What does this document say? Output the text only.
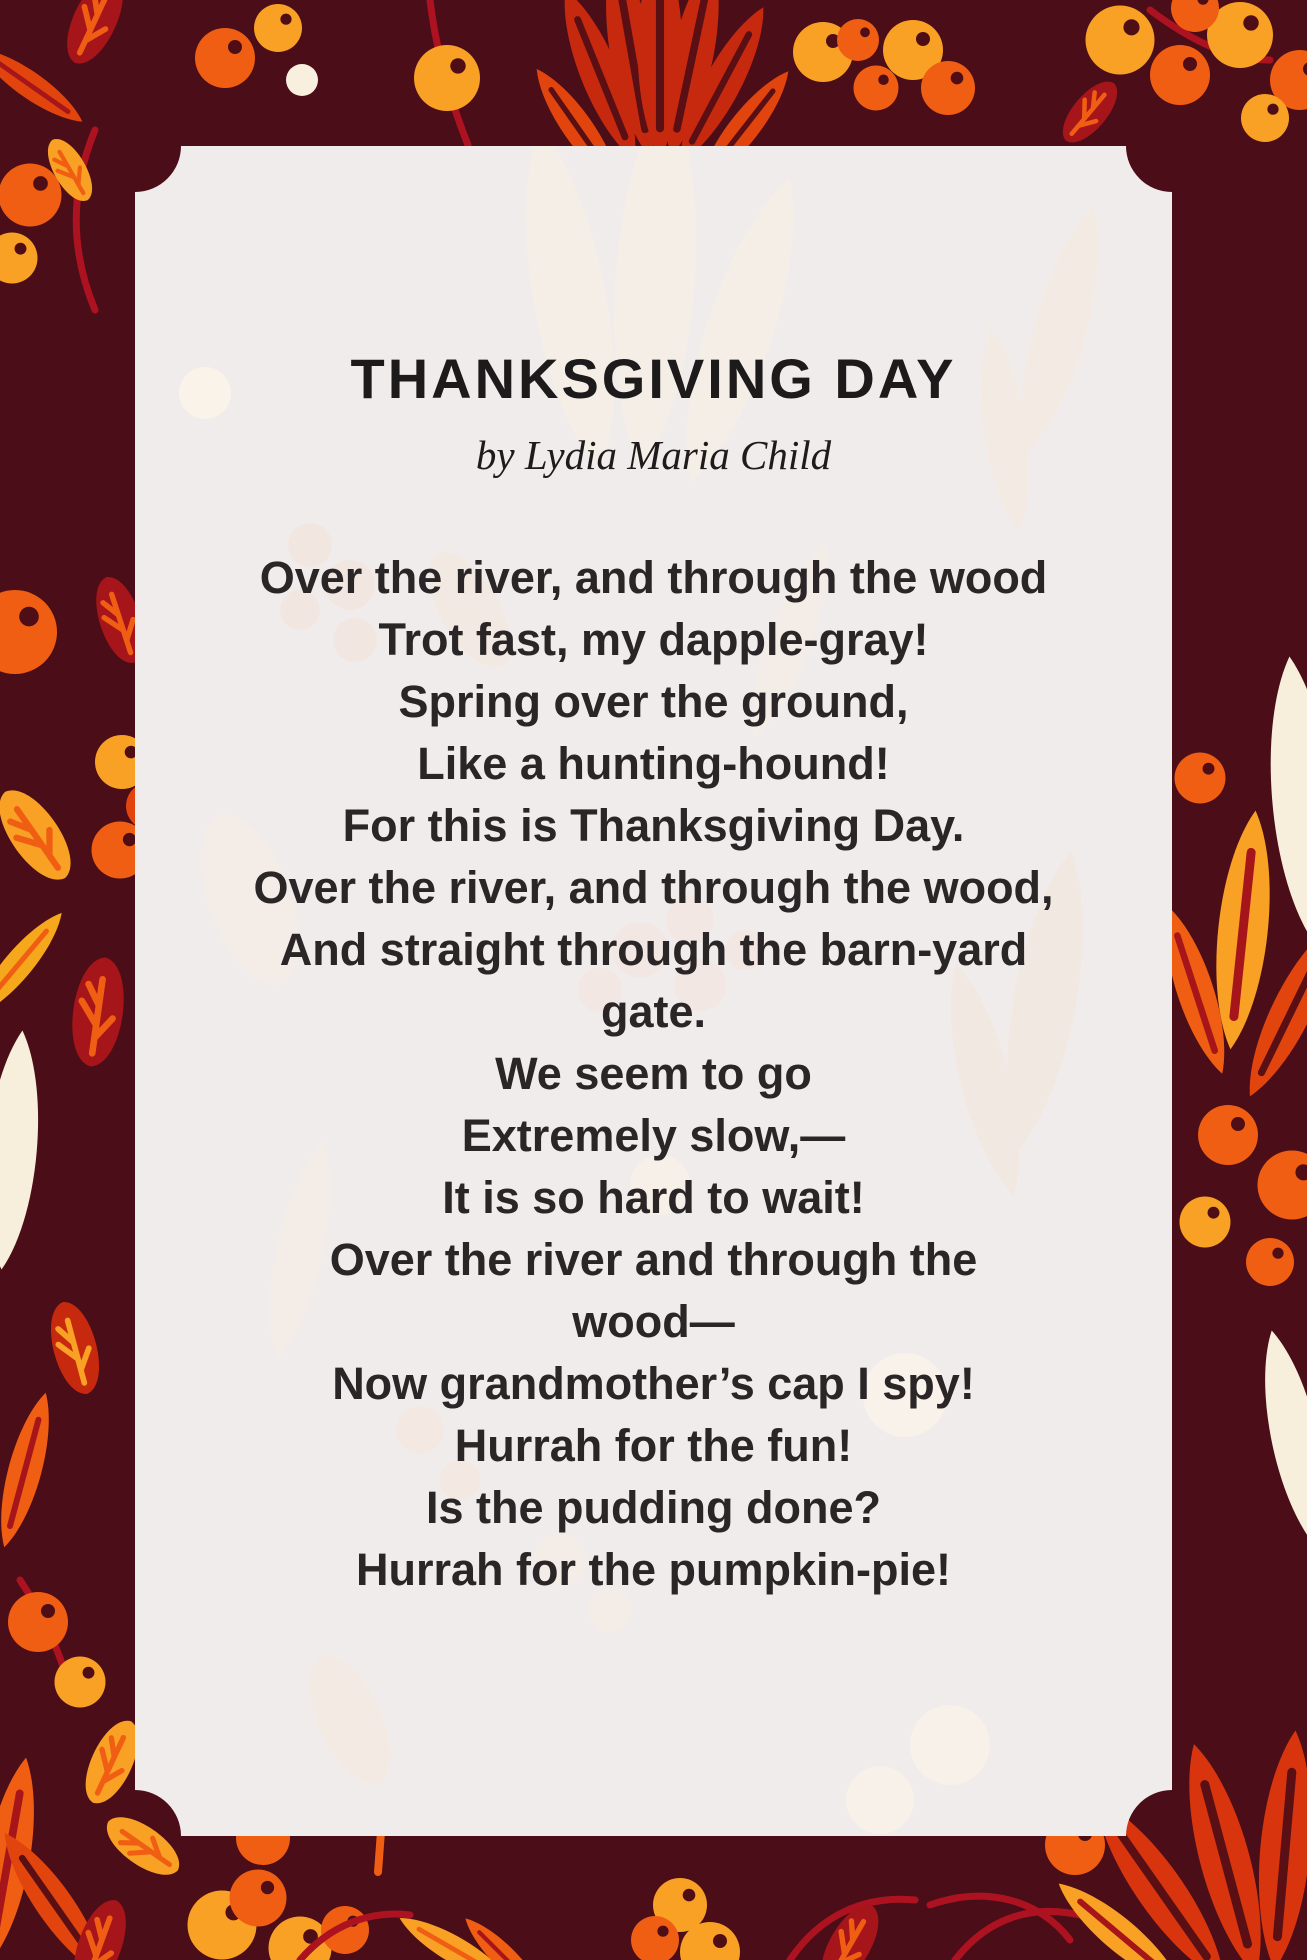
THANKSGIVING DAY
by Lydia Maria Child
Over the river, and through the wood
Trot fast, my dapple-gray!
Spring over the ground,
Like a hunting-hound!
For this is Thanksgiving Day.
Over the river, and through the wood,
And straight through the barn-yard
gate.
We seem to go
Extremely slow,—
It is so hard to wait!
Over the river and through the
wood—
Now grandmother’s cap I spy!
Hurrah for the fun!
Is the pudding done?
Hurrah for the pumpkin-pie!
